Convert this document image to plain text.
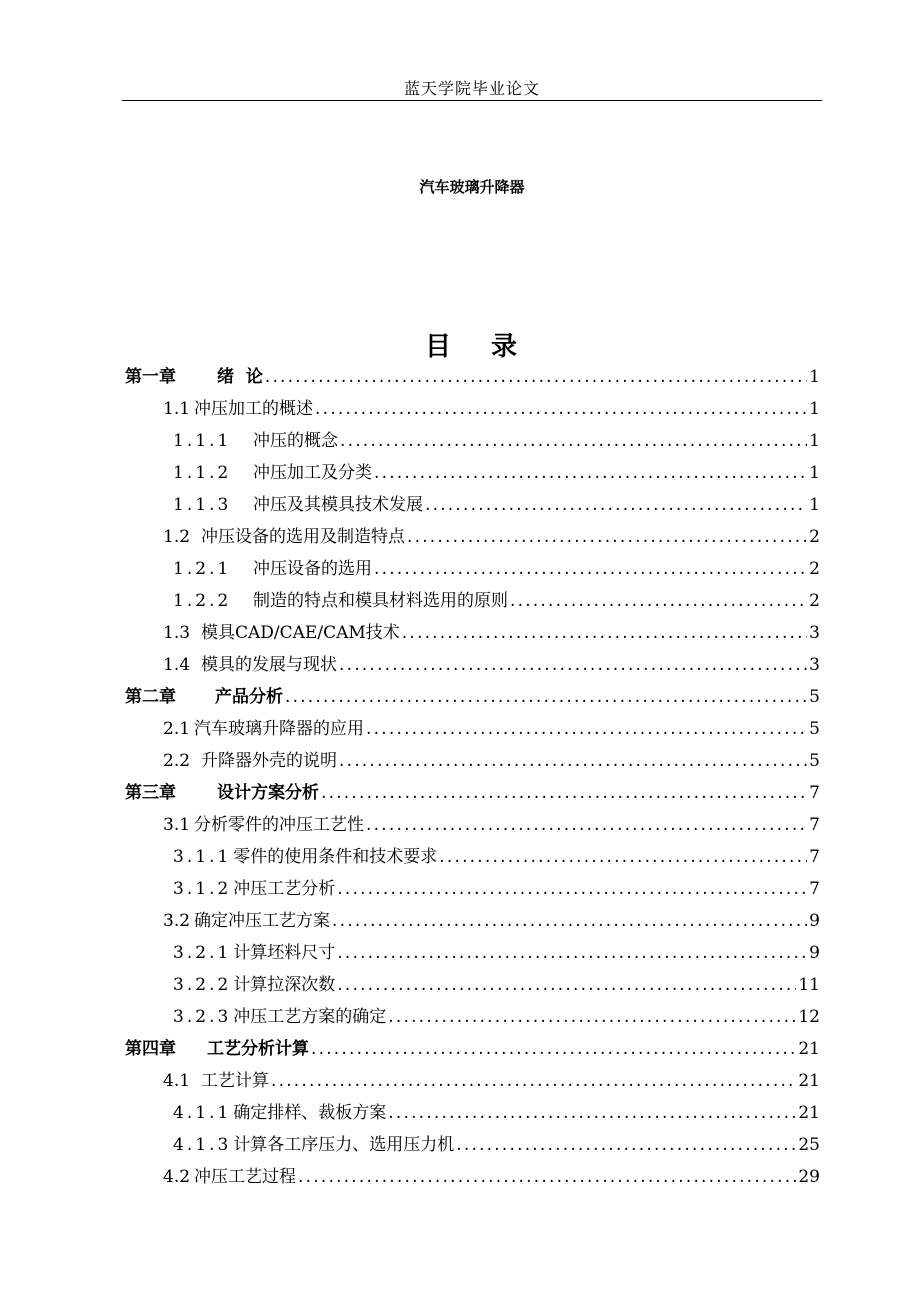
蓝天学院毕业论文
汽车玻璃升降器
目 录
第一章	绪  论 .....	1
1.1 冲压加工的概述 .....	1
1.1.1	冲压的概念 .....	1
1.1.2	冲压加工及分类 .....	1
1.1.3	冲压及其模具技术发展 .....	1
1.2 冲压设备的选用及制造特点 .....	2
1.2.1	冲压设备的选用 .....	2
1.2.2	制造的特点和模具材料选用的原则 .....	2
1.3 模具CAD/CAE/CAM技术 .....	3
1.4 模具的发展与现状 .....	3
第二章	产品分析 .....	5
2.1 汽车玻璃升降器的应用 .....	5
2.2 升降器外壳的说明 .....	5
第三章	设计方案分析 .....	7
3.1 分析零件的冲压工艺性 .....	7
3.1.1 零件的使用条件和技术要求 .....	7
3.1.2 冲压工艺分析 .....	7
3.2 确定冲压工艺方案 .....	9
3.2.1 计算坯料尺寸 .....	9
3.2.2 计算拉深次数 .....	11
3.2.3 冲压工艺方案的确定 .....	12
第四章	工艺分析计算 .....	21
4.1 工艺计算 .....	21
4.1.1 确定排样、裁板方案 .....	21
4.1.3 计算各工序压力、选用压力机 .....	25
4.2 冲压工艺过程 .....	29
